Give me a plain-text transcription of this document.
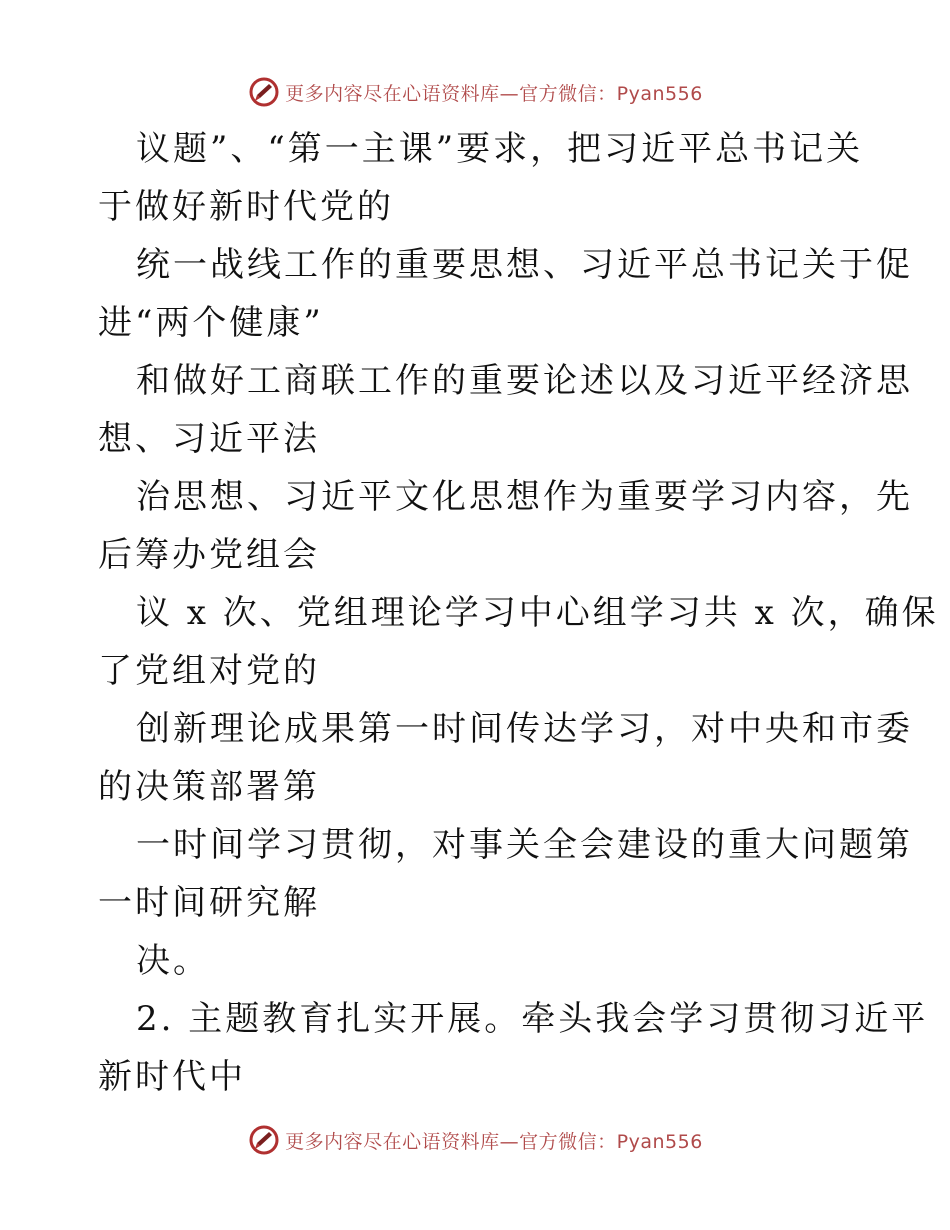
更多内容尽在心语资料库—官方微信：Pyan556
议题”、“第一主课”要求，把习近平总书记关
于做好新时代党的
统一战线工作的重要思想、习近平总书记关于促
进“两个健康”
和做好工商联工作的重要论述以及习近平经济思
想、习近平法
治思想、习近平文化思想作为重要学习内容，先
后筹办党组会
议 x 次、党组理论学习中心组学习共 x 次，确保
了党组对党的
创新理论成果第一时间传达学习，对中央和市委
的决策部署第
一时间学习贯彻，对事关全会建设的重大问题第
一时间研究解
决。
2. 主题教育扎实开展。牵头我会学习贯彻习近平
新时代中
更多内容尽在心语资料库—官方微信：Pyan556
